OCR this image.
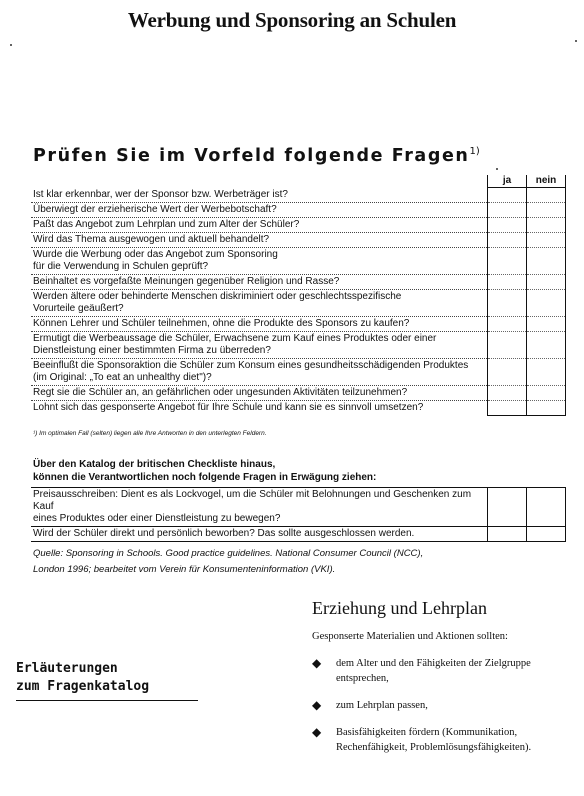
Werbung und Sponsoring an Schulen
Prüfen Sie im Vorfeld folgende Fragen$^{1)}$
	ja	nein
Ist klar erkennbar, wer der Sponsor bzw. Werbeträger ist?		
Überwiegt der erzieherische Wert der Werbebotschaft?		
Paßt das Angebot zum Lehrplan und zum Alter der Schüler?		
Wird das Thema ausgewogen und aktuell behandelt?		
Wurde die Werbung oder das Angebot zum Sponsoring
für die Verwendung in Schulen geprüft?		
Beinhaltet es vorgefaßte Meinungen gegenüber Religion und Rasse?		
Werden ältere oder behinderte Menschen diskriminiert oder geschlechtsspezifische
Vorurteile geäußert?		
Können Lehrer und Schüler teilnehmen, ohne die Produkte des Sponsors zu kaufen?		
Ermutigt die Werbeaussage die Schüler, Erwachsene zum Kauf eines Produktes oder einer
Dienstleistung einer bestimmten Firma zu überreden?		
Beeinflußt die Sponsoraktion die Schüler zum Konsum eines gesundheitsschädigenden Produktes
(im Original: „To eat an unhealthy diet")?		
Regt sie die Schüler an, an gefährlichen oder ungesunden Aktivitäten teilzunehmen?		
Lohnt sich das gesponserte Angebot für Ihre Schule und kann sie es sinnvoll umsetzen?		
¹) Im optimalen Fall (selten) liegen alle Ihre Antworten in den unterlegten Feldern.
Über den Katalog der britischen Checkliste hinaus,
können die Verantwortlichen noch folgende Fragen in Erwägung ziehen:
Preisausschreiben: Dient es als Lockvogel, um die Schüler mit Belohnungen und Geschenken zum Kauf
eines Produktes oder einer Dienstleistung zu bewegen?		
Wird der Schüler direkt und persönlich beworben? Das sollte ausgeschlossen werden.		
Quelle: Sponsoring in Schools. Good practice guidelines. National Consumer Council (NCC),
London 1996; bearbeitet vom Verein für Konsumenteninformation (VKI).
Erläuterungen
zum Fragenkatalog
Erziehung und Lehrplan
Gesponserte Materialien und Aktionen sollten:
◆ dem Alter und den Fähigkeiten der Zielgruppe
entsprechen,
◆ zum Lehrplan passen,
◆ Basisfähigkeiten fördern (Kommunikation,
Rechenfähigkeit, Problemlösungsfähigkeiten).
